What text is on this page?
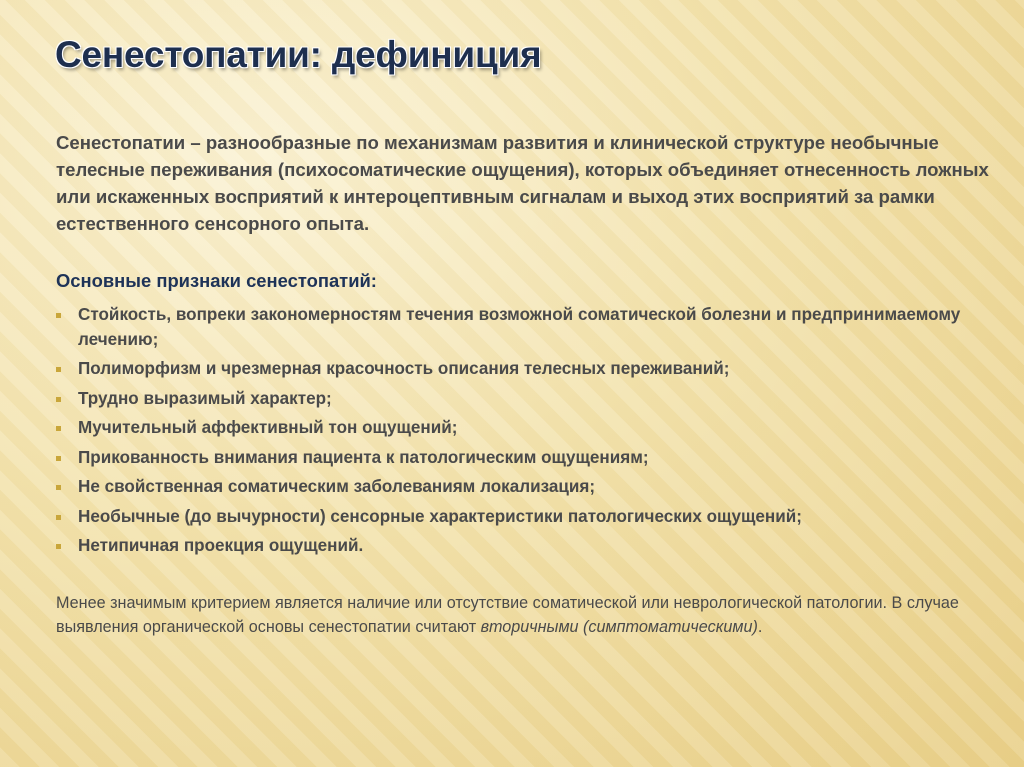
Сенестопатии: дефиниция

Сенестопатии – разнообразные по механизмам развития и клинической структуре необычные телесные переживания (психосоматические ощущения), которых объединяет отнесенность ложных или искаженных восприятий к интероцептивным сигналам и выход этих восприятий за рамки естественного сенсорного опыта.

Основные признаки сенестопатий:
Стойкость, вопреки закономерностям течения возможной соматической болезни и предпринимаемому лечению;
Полиморфизм и чрезмерная красочность описания телесных переживаний;
Трудно выразимый характер;
Мучительный аффективный тон ощущений;
Прикованность внимания пациента к патологическим ощущениям;
Не свойственная соматическим заболеваниям локализация;
Необычные (до вычурности) сенсорные характеристики патологических ощущений;
Нетипичная проекция ощущений.

Менее значимым критерием является наличие или отсутствие соматической или неврологической патологии. В случае выявления органической основы сенестопатии считают вторичными (симптоматическими).
